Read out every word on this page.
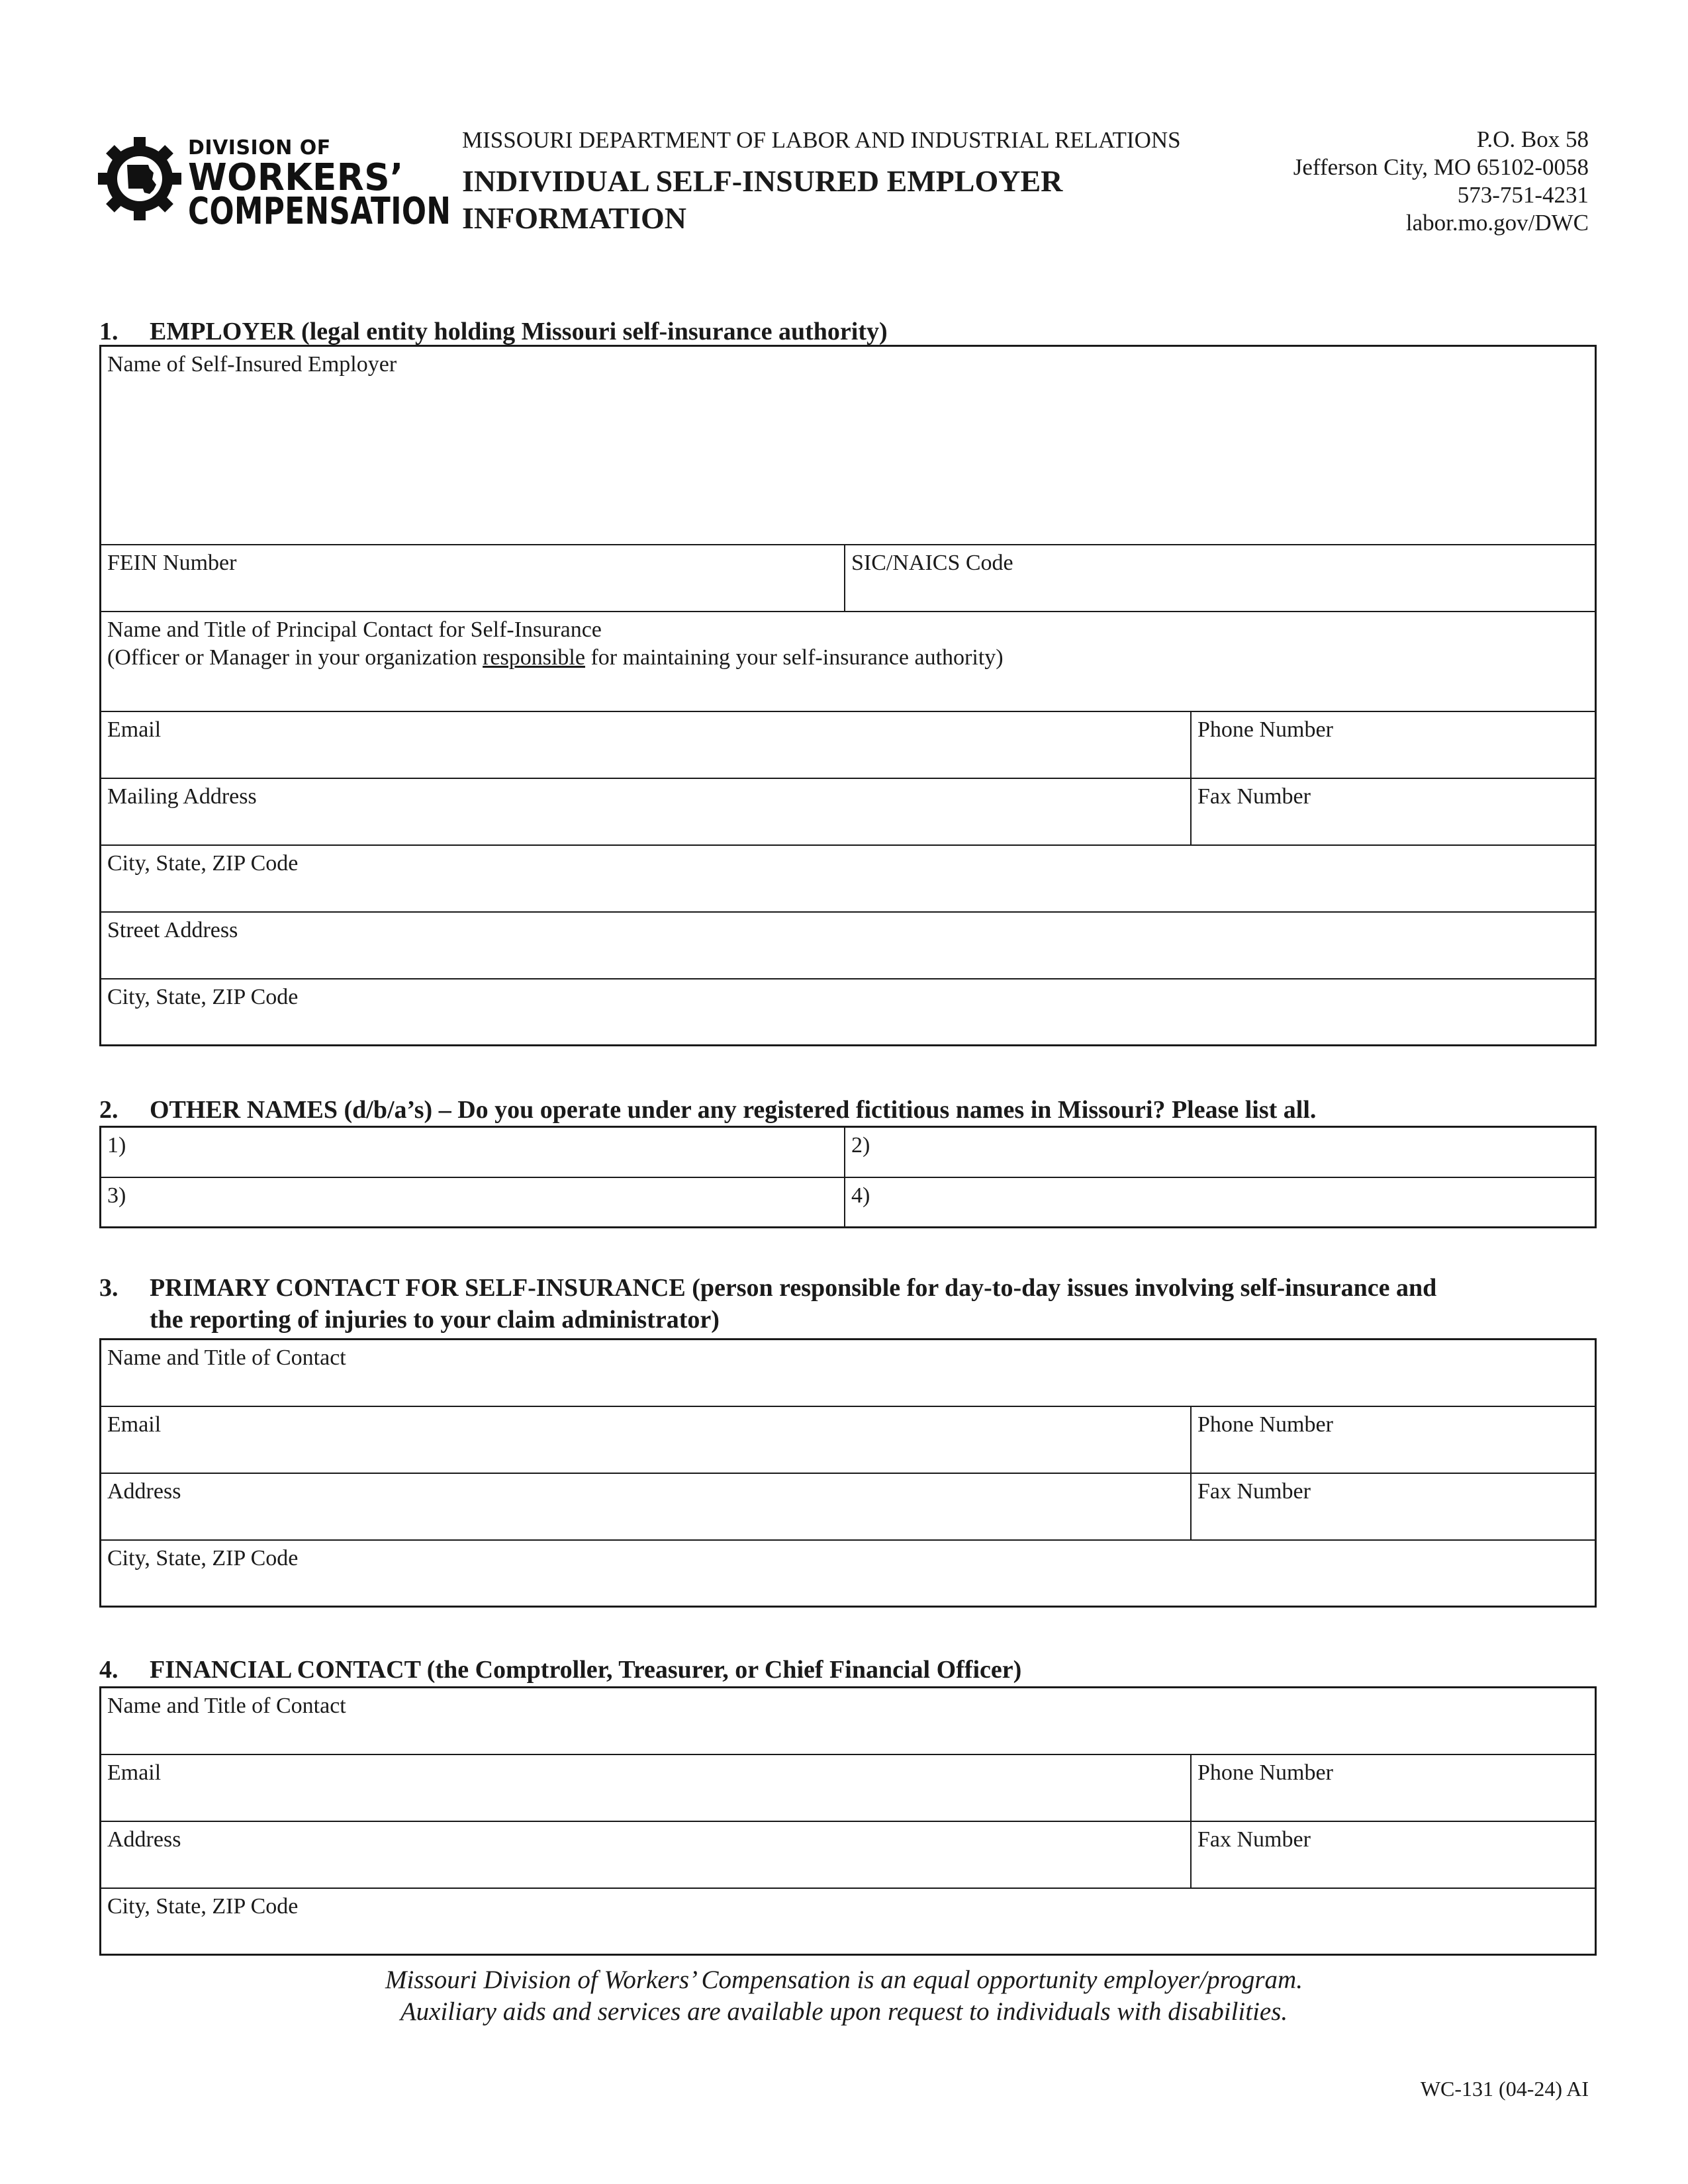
DIVISION OF
WORKERS’
COMPENSATION
MISSOURI DEPARTMENT OF LABOR AND INDUSTRIAL RELATIONS
INDIVIDUAL SELF-INSURED EMPLOYER
INFORMATION
P.O. Box 58
Jefferson City, MO 65102-0058
573-751-4231
labor.mo.gov/DWC
1. EMPLOYER (legal entity holding Missouri self-insurance authority)
Name of Self-Insured Employer
FEIN Number	SIC/NAICS Code
Name and Title of Principal Contact for Self-Insurance
(Officer or Manager in your organization responsible for maintaining your self-insurance authority)
Email	Phone Number
Mailing Address	Fax Number
City, State, ZIP Code
Street Address
City, State, ZIP Code
2. OTHER NAMES (d/b/a’s) – Do you operate under any registered fictitious names in Missouri? Please list all.
1)	2)
3)	4)
3. PRIMARY CONTACT FOR SELF-INSURANCE (person responsible for day-to-day issues involving self-insurance and
the reporting of injuries to your claim administrator)
Name and Title of Contact
Email	Phone Number
Address	Fax Number
City, State, ZIP Code
4. FINANCIAL CONTACT (the Comptroller, Treasurer, or Chief Financial Officer)
Name and Title of Contact
Email	Phone Number
Address	Fax Number
City, State, ZIP Code
Missouri Division of Workers’ Compensation is an equal opportunity employer/program.
Auxiliary aids and services are available upon request to individuals with disabilities.
WC-131 (04-24) AI
